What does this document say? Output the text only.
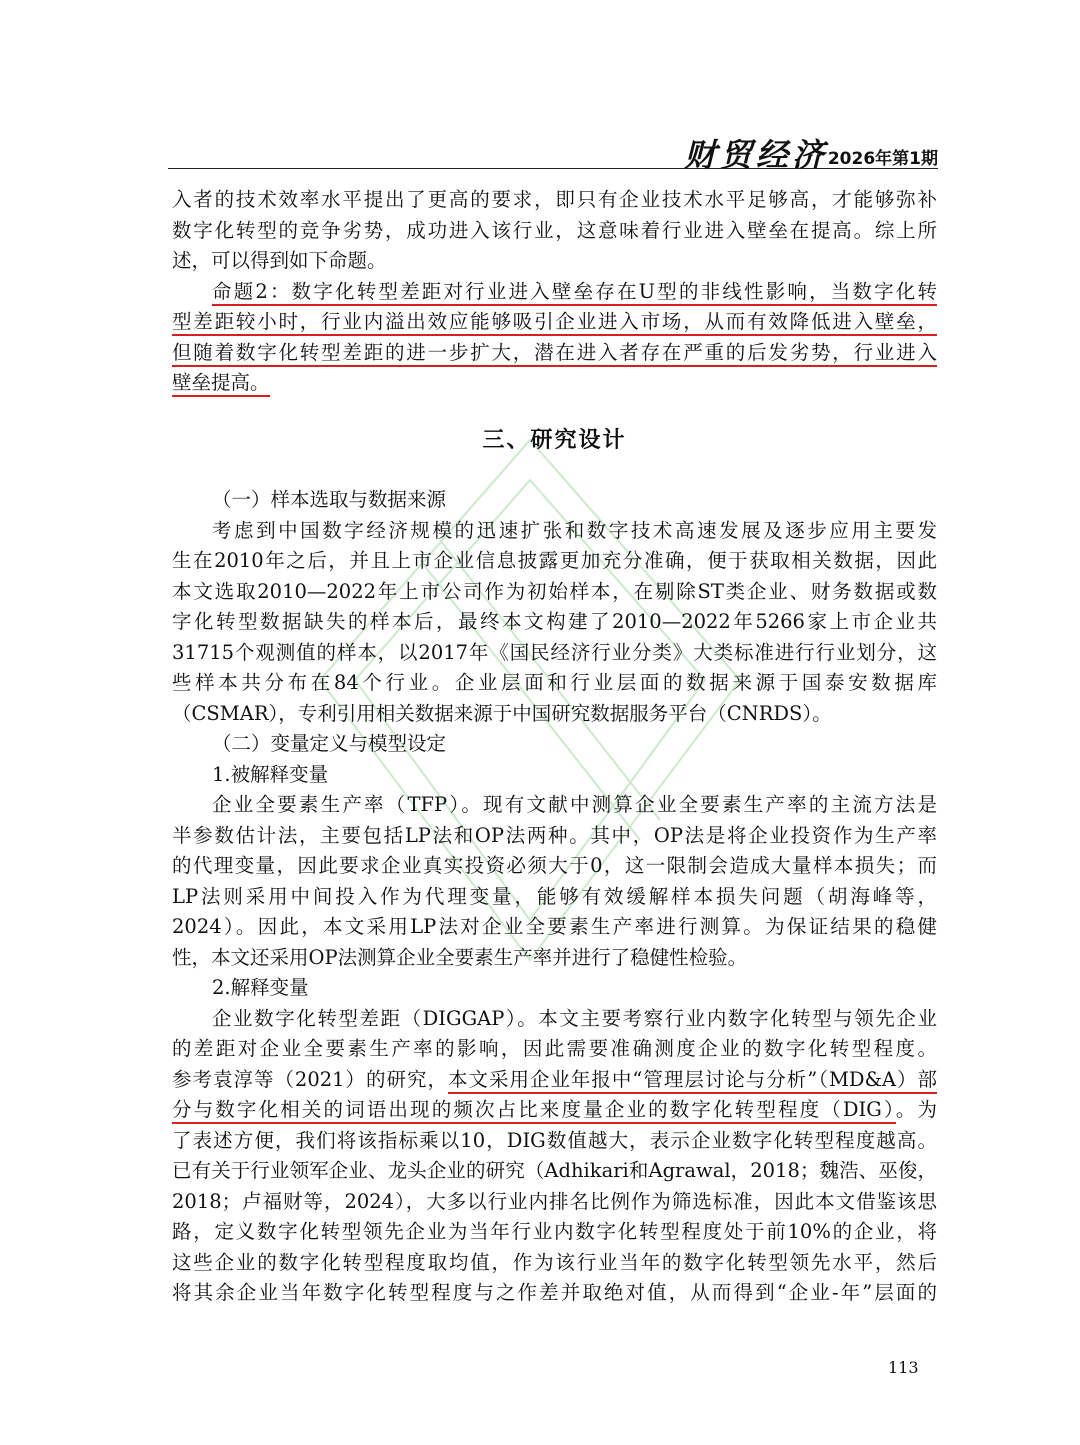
财贸经济 2026年第1期

入者的技术效率水平提出了更高的要求，即只有企业技术水平足够高，才能够弥补

数字化转型的竞争劣势，成功进入该行业，这意味着行业进入壁垒在提高。综上所

述，可以得到如下命题。

命题2：数字化转型差距对行业进入壁垒存在U型的非线性影响，当数字化转

型差距较小时，行业内溢出效应能够吸引企业进入市场，从而有效降低进入壁垒，

但随着数字化转型差距的进一步扩大，潜在进入者存在严重的后发劣势，行业进入

壁垒提高。

三、研究设计

（一）样本选取与数据来源

考虑到中国数字经济规模的迅速扩张和数字技术高速发展及逐步应用主要发

生在2010年之后，并且上市企业信息披露更加充分准确，便于获取相关数据，因此

本文选取2010—2022年上市公司作为初始样本，在剔除ST类企业、财务数据或数

字化转型数据缺失的样本后，最终本文构建了2010—2022年5266家上市企业共

31715个观测值的样本，以2017年《国民经济行业分类》大类标准进行行业划分，这

些样本共分布在84个行业。企业层面和行业层面的数据来源于国泰安数据库

（CSMAR），专利引用相关数据来源于中国研究数据服务平台（CNRDS）。

（二）变量定义与模型设定

1.被解释变量

企业全要素生产率（TFP）。现有文献中测算企业全要素生产率的主流方法是

半参数估计法，主要包括LP法和OP法两种。其中，OP法是将企业投资作为生产率

的代理变量，因此要求企业真实投资必须大于0，这一限制会造成大量样本损失；而

LP法则采用中间投入作为代理变量，能够有效缓解样本损失问题（胡海峰等，

2024）。因此，本文采用LP法对企业全要素生产率进行测算。为保证结果的稳健

性，本文还采用OP法测算企业全要素生产率并进行了稳健性检验。

2.解释变量

企业数字化转型差距（DIGGAP）。本文主要考察行业内数字化转型与领先企业

的差距对企业全要素生产率的影响，因此需要准确测度企业的数字化转型程度。

参考袁淳等（2021）的研究，本文采用企业年报中“管理层讨论与分析”（MD&A）部

分与数字化相关的词语出现的频次占比来度量企业的数字化转型程度（DIG）。为

了表述方便，我们将该指标乘以10，DIG数值越大，表示企业数字化转型程度越高。

已有关于行业领军企业、龙头企业的研究（Adhikari和Agrawal，2018；魏浩、巫俊，

2018；卢福财等，2024），大多以行业内排名比例作为筛选标准，因此本文借鉴该思

路，定义数字化转型领先企业为当年行业内数字化转型程度处于前10%的企业，将

这些企业的数字化转型程度取均值，作为该行业当年的数字化转型领先水平，然后

将其余企业当年数字化转型程度与之作差并取绝对值，从而得到“企业-年”层面的

113
